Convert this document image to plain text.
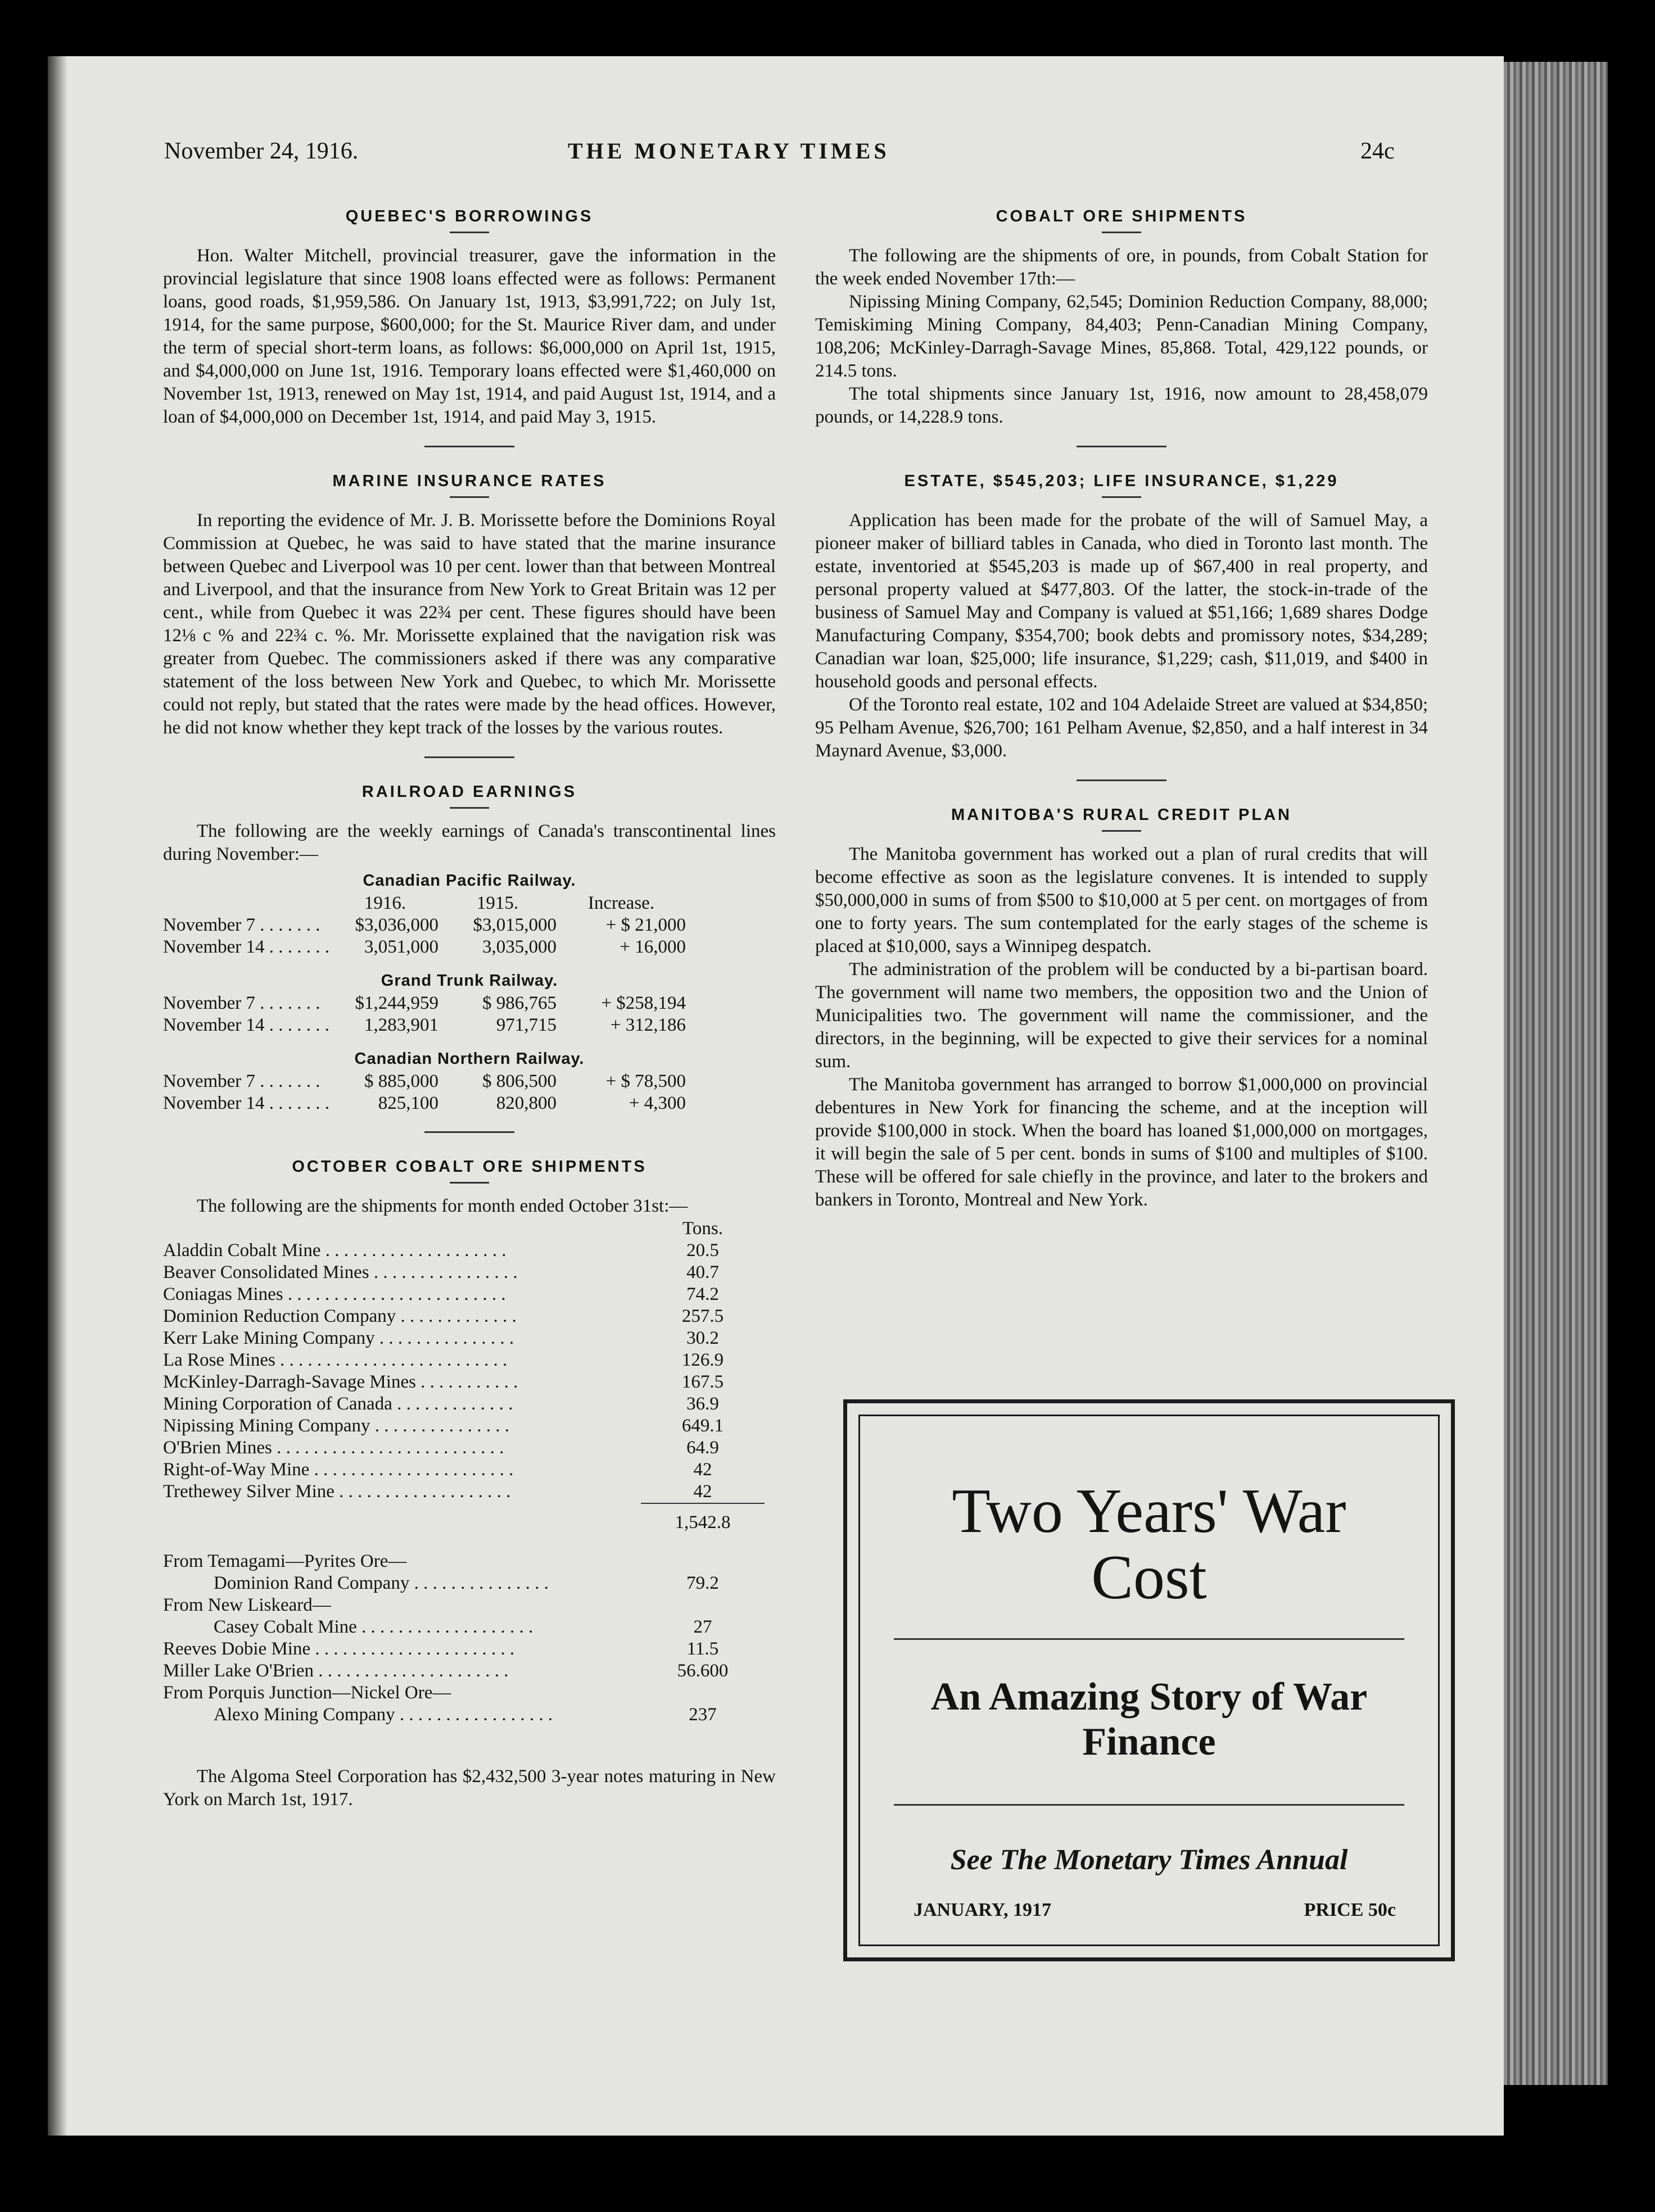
November 24, 1916.	THE MONETARY TIMES	24c
QUEBEC'S BORROWINGS

Hon. Walter Mitchell, provincial treasurer, gave the information in the provincial legislature that since 1908 loans effected were as follows: Permanent loans, good roads, $1,959,586. On January 1st, 1913, $3,991,722; on July 1st, 1914, for the same purpose, $600,000; for the St. Maurice River dam, and under the term of special short-term loans, as follows: $6,000,000 on April 1st, 1915, and $4,000,000 on June 1st, 1916. Temporary loans effected were $1,460,000 on November 1st, 1913, renewed on May 1st, 1914, and paid August 1st, 1914, and a loan of $4,000,000 on December 1st, 1914, and paid May 3, 1915.

MARINE INSURANCE RATES

In reporting the evidence of Mr. J. B. Morissette before the Dominions Royal Commission at Quebec, he was said to have stated that the marine insurance between Quebec and Liverpool was 10 per cent. lower than that between Montreal and Liverpool, and that the insurance from New York to Great Britain was 12 per cent., while from Quebec it was 22¾ per cent. These figures should have been 12⅛ c % and 22¾ c. %. Mr. Morissette explained that the navigation risk was greater from Quebec. The commissioners asked if there was any comparative statement of the loss between New York and Quebec, to which Mr. Morissette could not reply, but stated that the rates were made by the head offices. However, he did not know whether they kept track of the losses by the various routes.

RAILROAD EARNINGS

The following are the weekly earnings of Canada's transcontinental lines during November:—

Canadian Pacific Railway.
1916.	1915.	Increase.
November 7 . . . . . . .	$3,036,000	$3,015,000	+ $ 21,000
November 14 . . . . . . .	3,051,000	3,035,000	+ 16,000
Grand Trunk Railway.
November 7 . . . . . . .	$1,244,959	$ 986,765	+ $258,194
November 14 . . . . . . .	1,283,901	971,715	+ 312,186
Canadian Northern Railway.
November 7 . . . . . . .	$ 885,000	$ 806,500	+ $ 78,500
November 14 . . . . . . .	825,100	820,800	+ 4,300
OCTOBER COBALT ORE SHIPMENTS

The following are the shipments for month ended October 31st:—

Tons.
Aladdin Cobalt Mine . . . . . . . . . . . . . . . . . . . .	20.5
Beaver Consolidated Mines . . . . . . . . . . . . . . . .	40.7
Coniagas Mines . . . . . . . . . . . . . . . . . . . . . . . .	74.2
Dominion Reduction Company . . . . . . . . . . . . .	257.5
Kerr Lake Mining Company . . . . . . . . . . . . . . .	30.2
La Rose Mines . . . . . . . . . . . . . . . . . . . . . . . . .	126.9
McKinley-Darragh-Savage Mines . . . . . . . . . . .	167.5
Mining Corporation of Canada . . . . . . . . . . . . .	36.9
Nipissing Mining Company . . . . . . . . . . . . . . .	649.1
O'Brien Mines . . . . . . . . . . . . . . . . . . . . . . . . .	64.9
Right-of-Way Mine . . . . . . . . . . . . . . . . . . . . . .	42
Trethewey Silver Mine . . . . . . . . . . . . . . . . . . .	42
1,542.8
From Temagami—Pyrites Ore—
Dominion Rand Company . . . . . . . . . . . . . . .	79.2
From New Liskeard—
Casey Cobalt Mine . . . . . . . . . . . . . . . . . . .	27
Reeves Dobie Mine . . . . . . . . . . . . . . . . . . . . . .	11.5
Miller Lake O'Brien . . . . . . . . . . . . . . . . . . . . .	56.600
From Porquis Junction—Nickel Ore—
Alexo Mining Company . . . . . . . . . . . . . . . . .	237

The Algoma Steel Corporation has $2,432,500 3-year notes maturing in New York on March 1st, 1917.

COBALT ORE SHIPMENTS

The following are the shipments of ore, in pounds, from Cobalt Station for the week ended November 17th:—

Nipissing Mining Company, 62,545; Dominion Reduction Company, 88,000; Temiskiming Mining Company, 84,403; Penn-Canadian Mining Company, 108,206; McKinley-Darragh-Savage Mines, 85,868. Total, 429,122 pounds, or 214.5 tons.

The total shipments since January 1st, 1916, now amount to 28,458,079 pounds, or 14,228.9 tons.

ESTATE, $545,203; LIFE INSURANCE, $1,229

Application has been made for the probate of the will of Samuel May, a pioneer maker of billiard tables in Canada, who died in Toronto last month. The estate, inventoried at $545,203 is made up of $67,400 in real property, and personal property valued at $477,803. Of the latter, the stock-in-trade of the business of Samuel May and Company is valued at $51,166; 1,689 shares Dodge Manufacturing Company, $354,700; book debts and promissory notes, $34,289; Canadian war loan, $25,000; life insurance, $1,229; cash, $11,019, and $400 in household goods and personal effects.

Of the Toronto real estate, 102 and 104 Adelaide Street are valued at $34,850; 95 Pelham Avenue, $26,700; 161 Pelham Avenue, $2,850, and a half interest in 34 Maynard Avenue, $3,000.

MANITOBA'S RURAL CREDIT PLAN

The Manitoba government has worked out a plan of rural credits that will become effective as soon as the legislature convenes. It is intended to supply $50,000,000 in sums of from $500 to $10,000 at 5 per cent. on mortgages of from one to forty years. The sum contemplated for the early stages of the scheme is placed at $10,000, says a Winnipeg despatch.

The administration of the problem will be conducted by a bi-partisan board. The government will name two members, the opposition two and the Union of Municipalities two. The government will name the commissioner, and the directors, in the beginning, will be expected to give their services for a nominal sum.

The Manitoba government has arranged to borrow $1,000,000 on provincial debentures in New York for financing the scheme, and at the inception will provide $100,000 in stock. When the board has loaned $1,000,000 on mortgages, it will begin the sale of 5 per cent. bonds in sums of $100 and multiples of $100. These will be offered for sale chiefly in the province, and later to the brokers and bankers in Toronto, Montreal and New York.

Two Years' War
Cost
An Amazing Story of War
Finance
See The Monetary Times Annual
JANUARY, 1917	PRICE 50c
